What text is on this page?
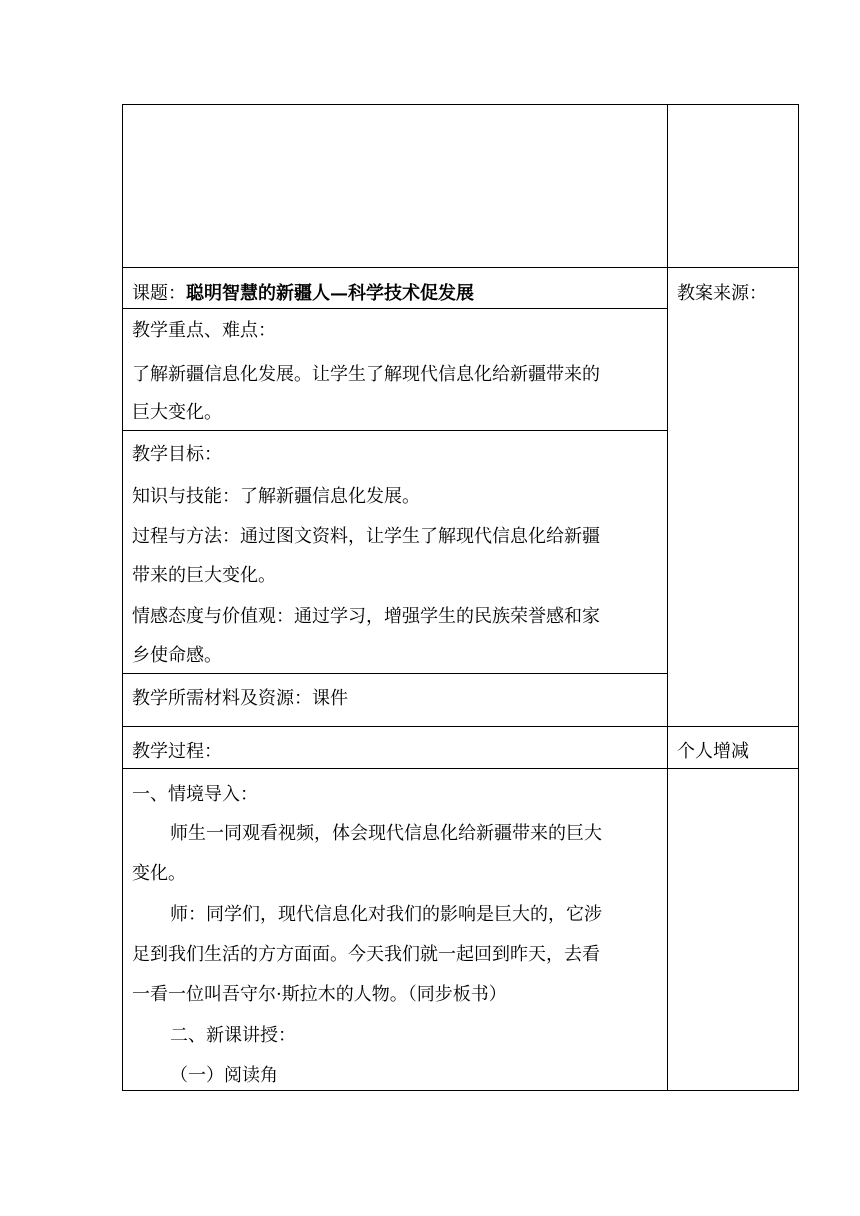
课题：聪明智慧的新疆人—科学技术促发展	教案来源：
教学重点、难点：
了解新疆信息化发展。让学生了解现代信息化给新疆带来的
巨大变化。
教学目标：
知识与技能：了解新疆信息化发展。
过程与方法：通过图文资料，让学生了解现代信息化给新疆
带来的巨大变化。
情感态度与价值观：通过学习，增强学生的民族荣誉感和家
乡使命感。
教学所需材料及资源：课件
教学过程：	个人增减
一、情境导入：
师生一同观看视频，体会现代信息化给新疆带来的巨大
变化。
师：同学们，现代信息化对我们的影响是巨大的，它涉
足到我们生活的方方面面。今天我们就一起回到昨天，去看
一看一位叫吾守尔·斯拉木的人物。（同步板书）
二、新课讲授：
（一）阅读角
